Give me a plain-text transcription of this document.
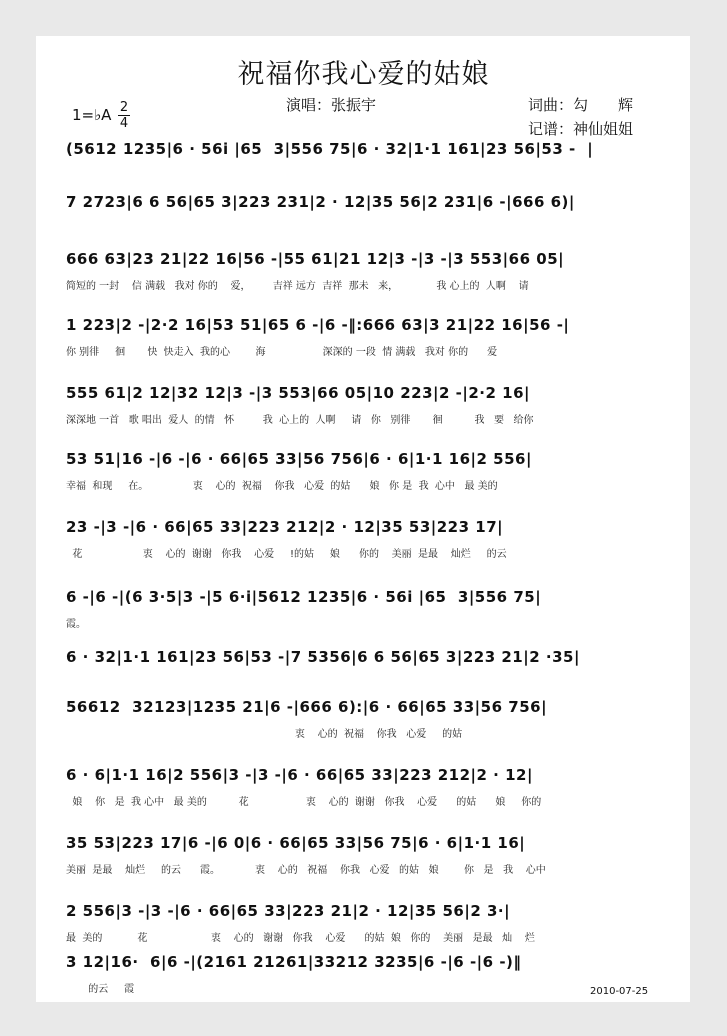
祝福你我心爱的姑娘
演唱：张振宇	词曲：勾　　辉
记谱：神仙姐姐
1=♭A 2
4
(5612 1235|6 · 56i |65  3|556 75|6 · 32|1·1 161|23 56|53 -  |
7 2723|6 6 56|65 3|223 231|2 · 12|35 56|2 231|6 -|666 6)|
666 63|23 21|22 16|56 -|55 61|21 12|3 -|3 -|3 553|66 05|
简短的 一封    信 满载   我对 你的    爱，       吉祥 远方  吉祥  那未   来，            我 心上的  人啊    请
1 223|2 -|2·2 16|53 51|65 6 -|6 -‖:666 63|3 21|22 16|56 -|
你 别徘     徊       快  快走入  我的心        海                  深深的 一段  情 满载   我对 你的      爱
555 61|2 12|32 12|3 -|3 553|66 05|10 223|2 -|2·2 16|
深深地 一首   歌 唱出  爱人  的情   怀         我  心上的  人啊     请   你   别徘       徊          我   要   给你
53 51|16 -|6 -|6 · 66|65 33|56 756|6 · 6|1·1 16|2 556|
幸福  和现     在。              衷    心的  祝福    你我   心爱  的姑      娘   你 是  我  心中   最 美的
23 -|3 -|6 · 66|65 33|223 212|2 · 12|35 53|223 17|
花                   衷    心的  谢谢   你我    心爱     !的姑     娘      你的    美丽  是最    灿烂     的云
6 -|6 -|(6 3·5|3 -|5 6·i|5612 1235|6 · 56i |65  3|556 75|
霞。
6 · 32|1·1 161|23 56|53 -|7 5356|6 6 56|65 3|223 21|2 ·35|
56612  32123|1235 21|6 -|666 6):|6 · 66|65 33|56 756|
衷    心的  祝福    你我   心爱     的姑
6 · 6|1·1 16|2 556|3 -|3 -|6 · 66|65 33|223 212|2 · 12|
娘    你   是  我 心中   最 美的          花                  衷    心的  谢谢   你我    心爱      的姑      娘     你的
35 53|223 17|6 -|6 0|6 · 66|65 33|56 75|6 · 6|1·1 16|
美丽  是最    灿烂     的云      霞。           衷    心的   祝福    你我   心爱   的姑   娘        你   是   我    心中
2 556|3 -|3 -|6 · 66|65 33|223 21|2 · 12|35 56|2 3·|
最  美的           花                    衷    心的   谢谢   你我    心爱      的姑  娘   你的    美丽   是最   灿    烂
3 12|16·  6|6 -|(2161 21261|33212 3235|6 -|6 -|6 -)‖
的云     霞	2010-07-25
